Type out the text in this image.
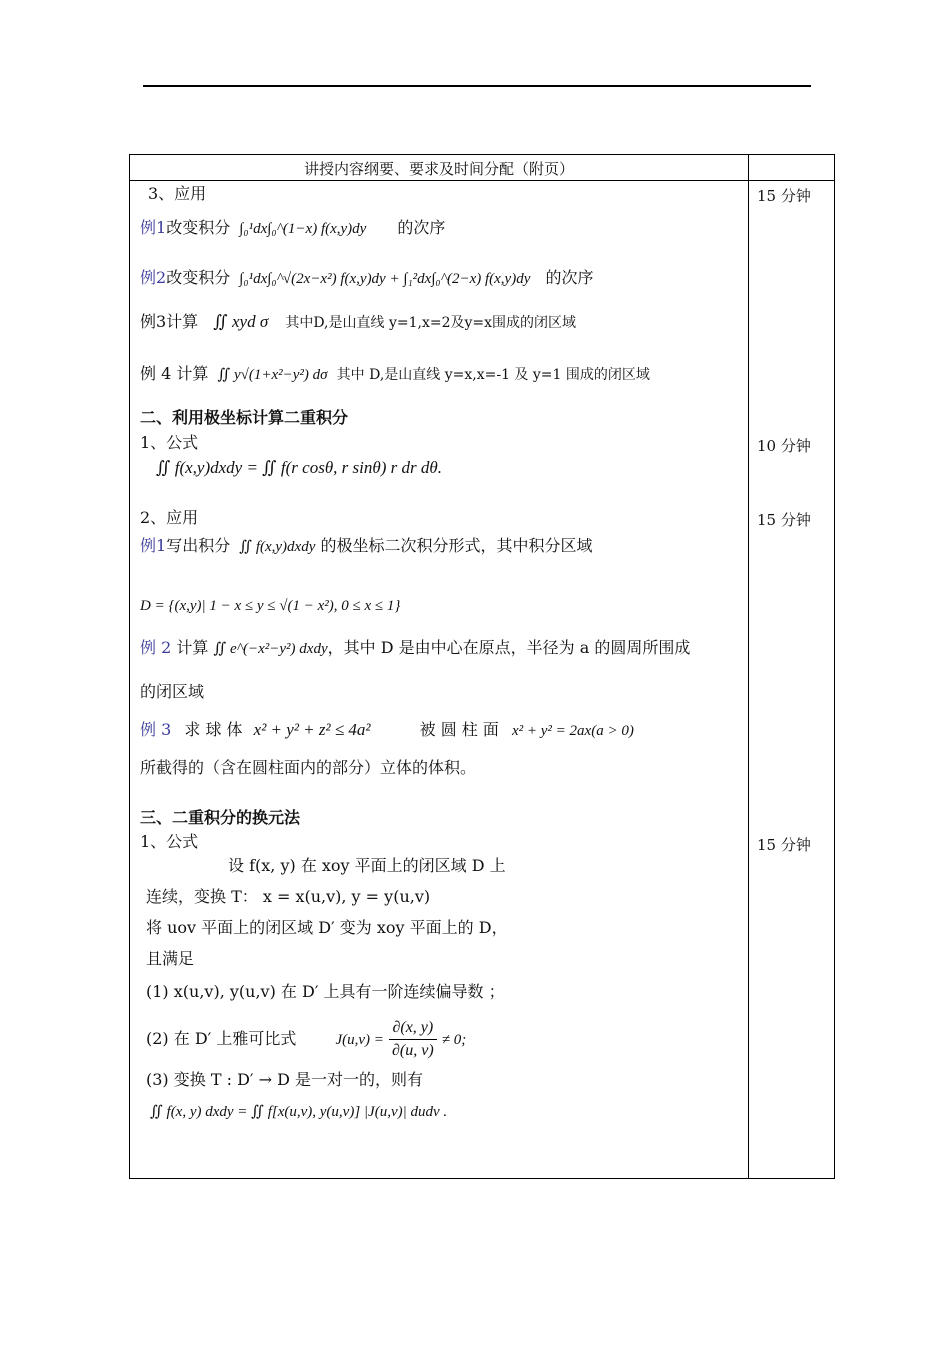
讲授内容纲要、要求及时间分配（附页）
15 分钟
10 分钟
15 分钟
15 分钟
3、应用
例1改变积分 ∫₀¹dx∫₀^(1−x) f(x,y)dy 的次序
例2改变积分 ∫₀¹dx∫₀^√(2x−x²) f(x,y)dy + ∫₁²dx∫₀^(2−x) f(x,y)dy 的次序
例3计算 ∬ xyd σ 其中D,是山直线 y=1,x=2及y=x围成的闭区域
例 4 计算 ∬ y√(1+x²−y²) dσ 其中 D,是山直线 y=x,x=-1 及 y=1 围成的闭区域
二、利用极坐标计算二重积分
1、公式
∬ f(x,y)dxdy = ∬ f(r cosθ, r sinθ) r dr dθ.
2、应用
例1写出积分 ∬ f(x,y)dxdy 的极坐标二次积分形式，其中积分区域
D = {(x,y)| 1 − x ≤ y ≤ √(1 − x²), 0 ≤ x ≤ 1}
例 2 计算 ∬ e^(−x²−y²) dxdy，其中 D 是由中心在原点，半径为 a 的圆周所围成
的闭区域
例 3 求 球 体 x² + y² + z² ≤ 4a²	被 圆 柱 面 x² + y² = 2ax(a > 0)
所截得的（含在圆柱面内的部分）立体的体积。
三、二重积分的换元法
1、公式
设 f(x, y) 在 xoy 平面上的闭区域 D 上
连续，变换 T： x = x(u,v), y = y(u,v)
将 uov 平面上的闭区域 D′ 变为 xoy 平面上的 D，
且满足
(1) x(u,v), y(u,v) 在 D′ 上具有一阶连续偏导数 ；
(2) 在 D′ 上雅可比式	$J(u,v) = \frac{\partial(x, y)}{\partial(u, v)} \ne 0$;
(3) 变换 T : D′ → D 是一对一的，则有
∬ f(x, y) dxdy = ∬ f[x(u,v), y(u,v)] |J(u,v)| dudv .
